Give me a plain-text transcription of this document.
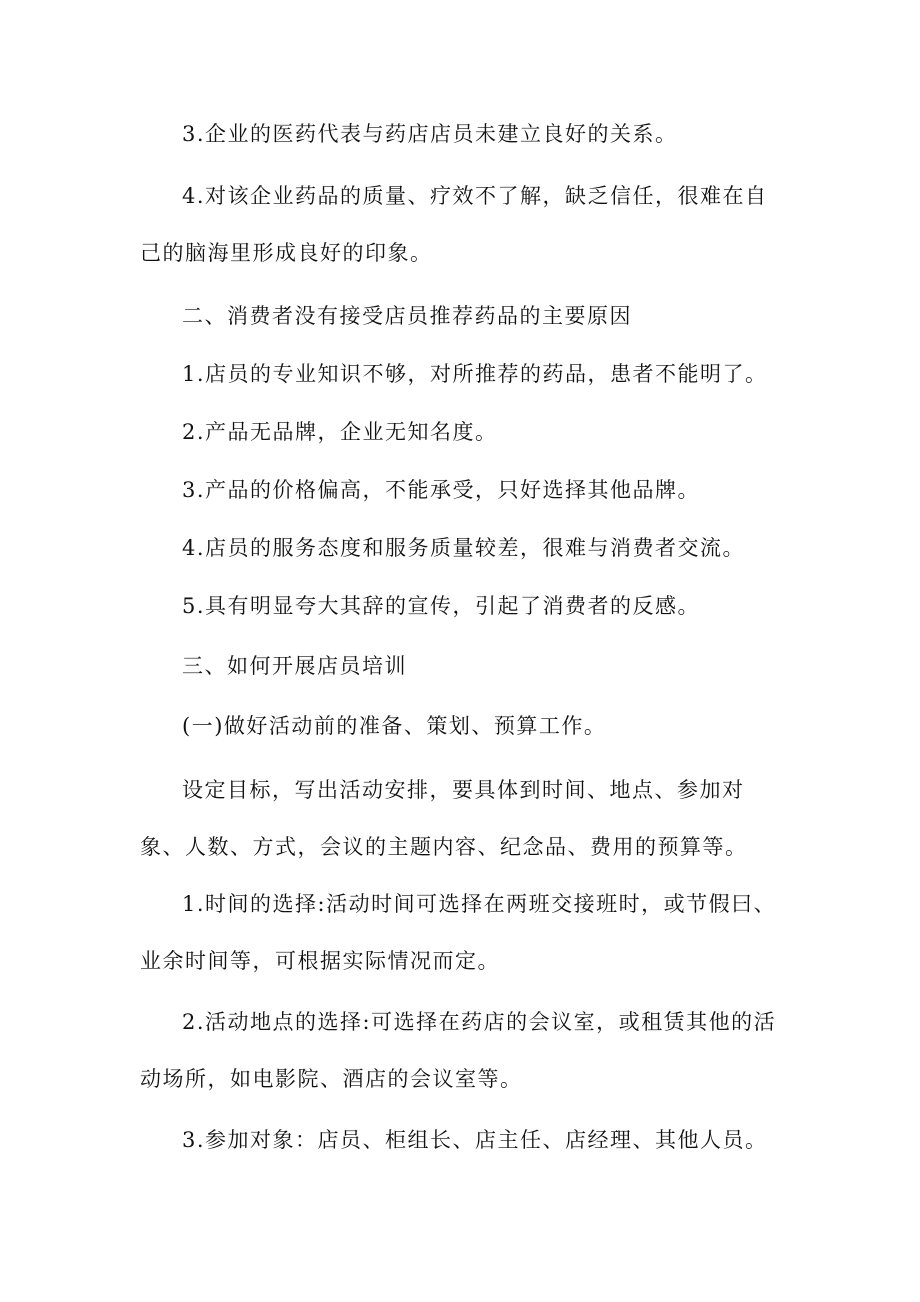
3.企业的医药代表与药店店员未建立良好的关系。

4.对该企业药品的质量、疗效不了解，缺乏信任，很难在自己的脑海里形成良好的印象。

二、消费者没有接受店员推荐药品的主要原因

1.店员的专业知识不够，对所推荐的药品，患者不能明了。

2.产品无品牌，企业无知名度。

3.产品的价格偏高，不能承受，只好选择其他品牌。

4.店员的服务态度和服务质量较差，很难与消费者交流。

5.具有明显夸大其辞的宣传，引起了消费者的反感。

三、如何开展店员培训

(一)做好活动前的准备、策划、预算工作。

设定目标，写出活动安排，要具体到时间、地点、参加对象、人数、方式，会议的主题内容、纪念品、费用的预算等。

1.时间的选择:活动时间可选择在两班交接班时，或节假曰、业余时间等，可根据实际情况而定。

2.活动地点的选择:可选择在药店的会议室，或租赁其他的活动场所，如电影院、酒店的会议室等。

3.参加对象：店员、柜组长、店主任、店经理、其他人员。
